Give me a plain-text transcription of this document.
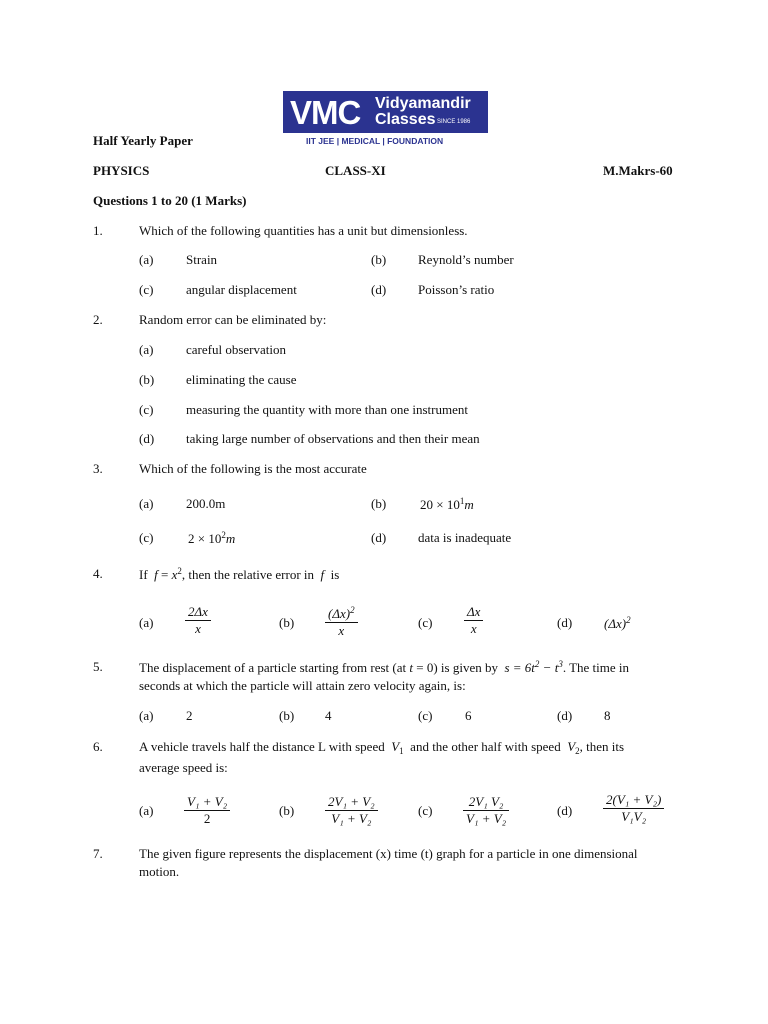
VMC Vidyamandir
Classes SINCE 1986
IIT JEE | MEDICAL | FOUNDATION
Half Yearly Paper
PHYSICS	CLASS-XI	M.Makrs-60
Questions 1 to 20 (1 Marks)
1.	Which of the following quantities has a unit but dimensionless.
(a)	Strain	(b) Reynold’s number
(c)	angular displacement	(d) Poisson’s ratio
2.	Random error can be eliminated by:
(a)	careful observation
(b) eliminating the cause
(c)	measuring the quantity with more than one instrument
(d) taking large number of observations and then their mean
3.	Which of the following is the most accurate
(a)	200.0m	(b)	$20 \times 10^1m$
(c)	$2 \times 10^2m$	(d) data is inadequate
4.	If $f = x^2$, then the relative error in f is
$(a) \frac{2\Delta x}{x}$	$(b) \frac{(\Delta x)^2}{x}$	$(c) \frac{\Delta x}{x}$	(d) $(\Delta x)^2$
5.	The displacement of a particle starting from rest (at t = 0) is given by $s = 6t^2 - t^3$. The time in
seconds at which the particle will attain zero velocity again, is:
(a)	2	(b) 4	(c)	6	(d) 8
6.	A vehicle travels half the distance L with speed $V_1$ and the other half with speed $V_2$, then its
average speed is:
$(a) \frac{\text{V₁ + V₂}}{2}$	$(b) \frac{\text{2V₁ + V₂}}{\text{V₁ + V₂}}$	$(c) \frac{\text{2V₁ V₂}}{\text{V₁ + V₂}}$	$(d) \frac{\text{2(V₁ + V₂)}}{\text{V₁V₂}}$
7.	The given figure represents the displacement (x) time (t) graph for a particle in one dimensional
motion.
